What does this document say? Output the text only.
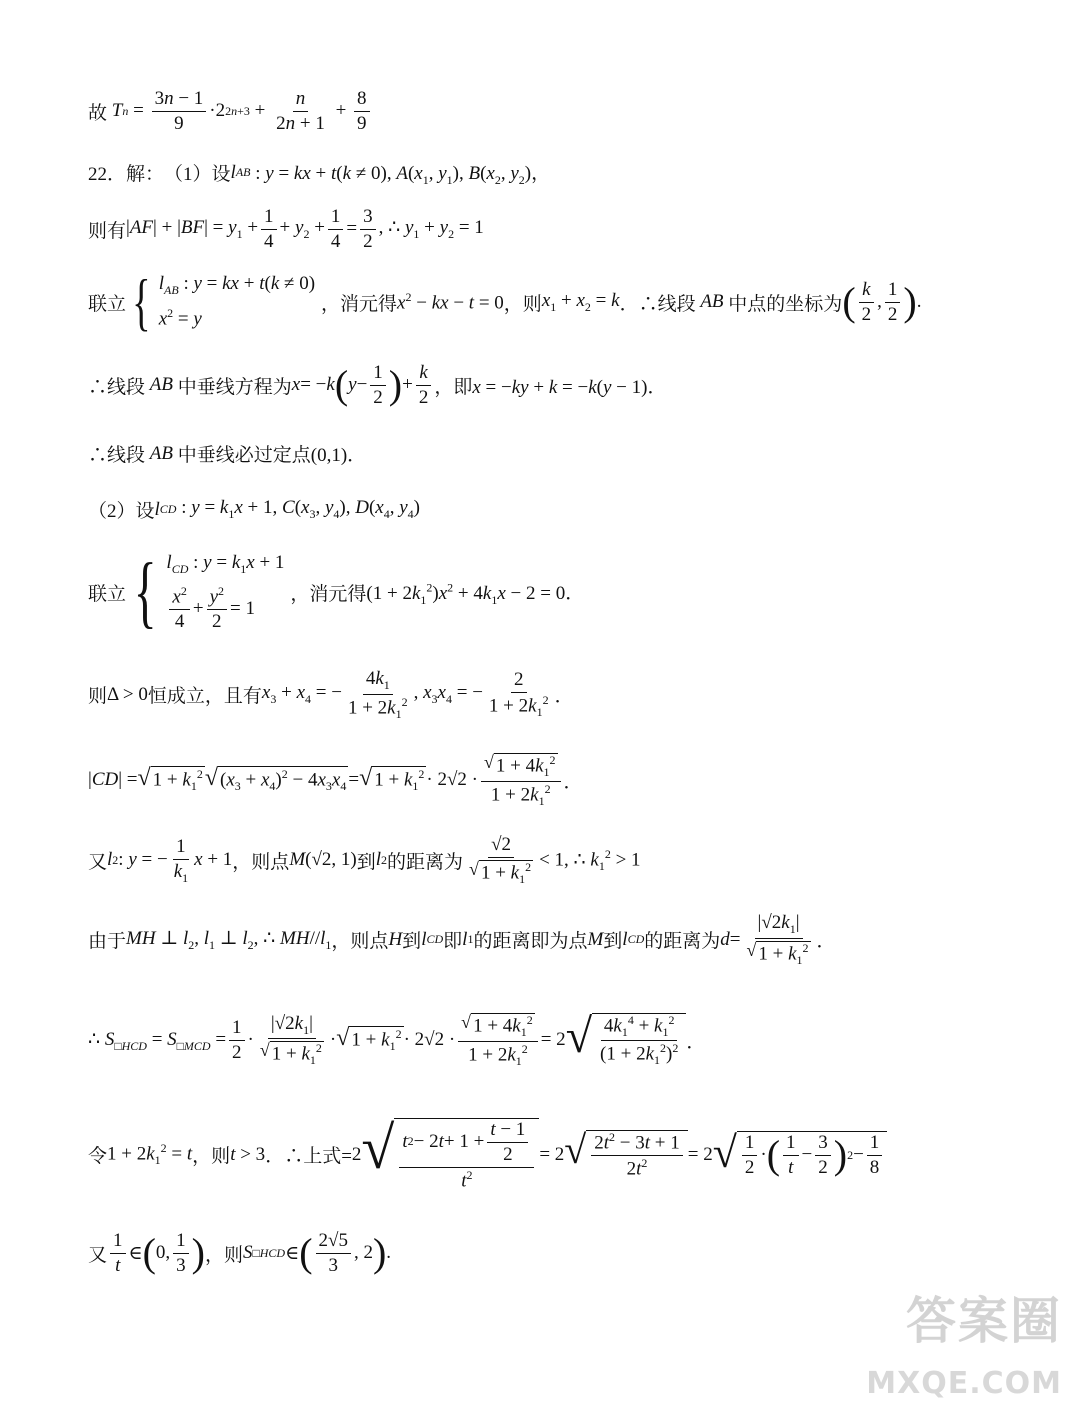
故 T $n = \frac{3n - 1}{9} \cdot 2$ $2n+3 + \frac{n}{2n + 1} + \frac{8}{9}$
22．解： （1）设 l AB : y = kx + t(k ≠ 0), $A(x_1$, $y_1$), $B(x_2$, $y_2$)，
则有 $|AF| + |BF| = y_1 + \frac{1}{4} + y_2 + \frac{1}{4} = \frac{3}{2}$ , ∴ $y_1 + y_2 = 1$
联立 { $l_{AB}$ : y = kx + t(k ≠ 0)
$x^2 = y$
，消元得 $x^2$ − kx − t = 0 ，则 $x_1 + x_2 = k$ ．∴线段 AB 中点的坐标为 ( $\frac{k}{2}$ , $\frac{1}{2}$ ) .
∴线段 AB 中垂线方程为 x = −k ( $y - \frac{1}{2}$ ) + $\frac{k}{2}$ ，即 x = −ky + k = −k(y − 1)．
∴线段 AB 中垂线必过定点 (0,1)．
（2）设 l CD : $y = k_1x + 1$, $C(x_3$, $y_4$), $D(x_4$, $y_4$)
联立 { $l_{CD}$ : $y = k_1x + 1$
$\frac{x^2}{4} + \frac{y^2}{2} = 1$
，消元得 $(1 + 2k_1^2)x^2 + 4k_1x - 2 = 0$．
则 Δ > 0 恒成立，且有 $x_3 + x_4$ = − $\frac{4k_1}{1 + 2k_1^2}$ , $x_3x_4$ = − $\frac{2}{1 + 2k_1^2}$ ．
|CD| = √ $1 + k_1^2$ √ $(x_3 + x_4)^2 - 4x_3x_4$ = √ $1 + k_1^2 \cdot 2√2 \cdot \frac{√ 1 + 4k_1^2}{1 + 2k_1^2}$ ．
又 l 2 : y = − $\frac{1}{k_1}$ x + 1 ，则点 M (√2, 1) 到 l 2 的距离为 $\frac{√2}{√ 1 + k_1^2} < 1$, ∴ $k_1^2 > 1$
由于 MH ⊥ $l_2$, $l_1$ ⊥ $l_2$, ∴ $MH//l_1$ ，则点 H 到 l CD 即 l 1 的距离即为点 M 到 l CD 的距离为 $d = \frac{|√2k_1|}{√ 1 + k_1^2}$ ．
∴ $S_{□HCD} = S_{□MCD} = \frac{1}{2} \cdot \frac{|√2k_1|}{√ 1 + k_1^2}$ · √ $1 + k_1^2 \cdot 2√2 \cdot \frac{√ 1 + 4k_1^2}{1 + 2k_1^2} = 2$ √ $\frac{4k_1^4 + k_1^2}{(1 + 2k_1^2)^2}$ ．
令 $1 + 2k_1^2 = t$ ，则 t > 3 ．∴上式= 2 √ $\frac{t 2 - 2 t + 1 + \frac{t - 1}{2}}{t^2} = 2$ √ $\frac{2t^2 - 3t + 1}{2t^2} = 2$ √ $\frac{1}{2}$ · ( $\frac{1}{t} - \frac{3}{2}$ ) $2 - \frac{1}{8}$
又 $\frac{1}{t}$ ∈ ( 0, $\frac{1}{3}$ ) ，则 S □HCD ∈ ( $\frac{2√5}{3}$ , 2 ) .
答案圈
MXQE.COM
